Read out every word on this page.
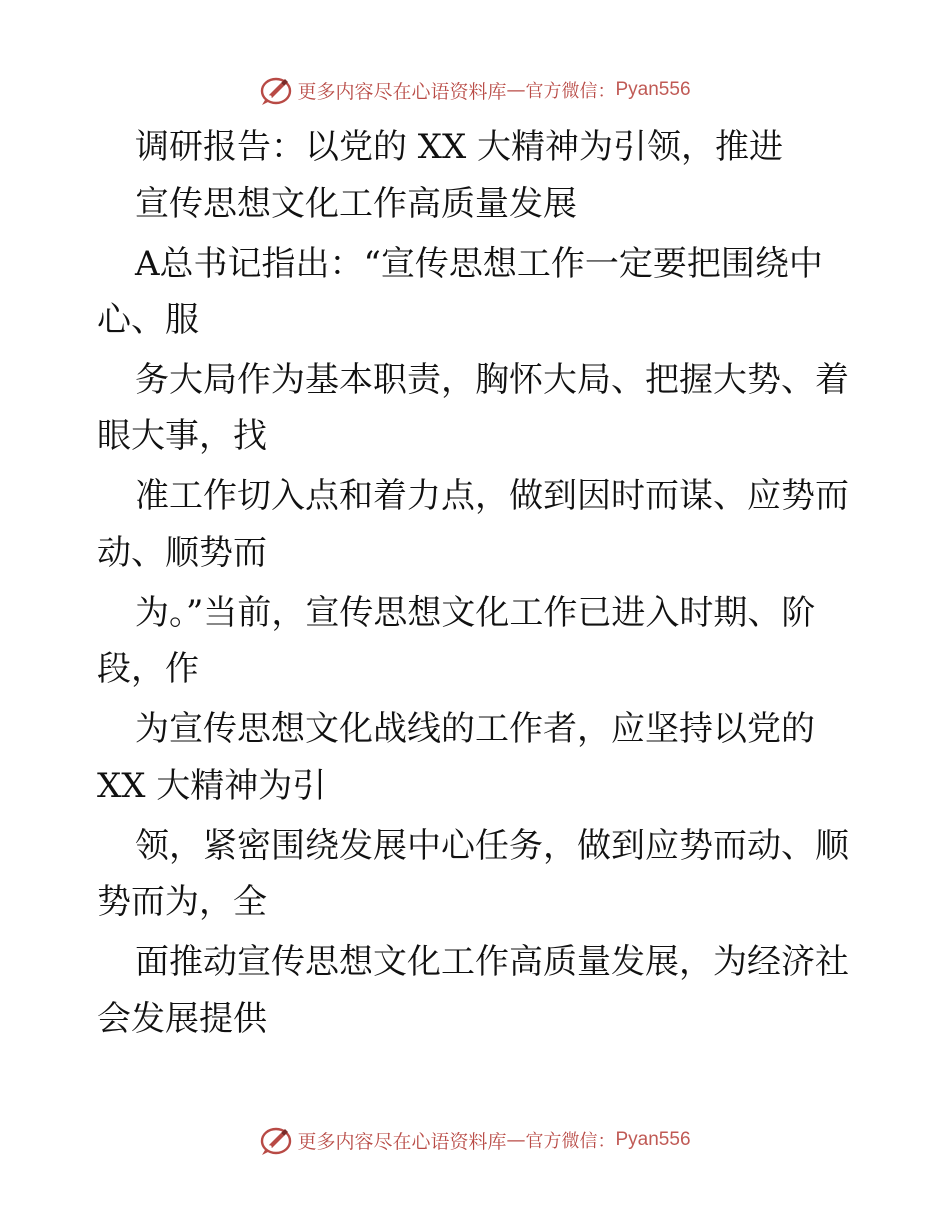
更多内容尽在心语资料库 — 官方微信： Pyan556
调研报告：以党的 XX 大精神为引领，推进
宣传思想文化工作高质量发展
A总书记指出：“宣传思想工作一定要把围绕中
心、服
务大局作为基本职责，胸怀大局、把握大势、着
眼大事，找
准工作切入点和着力点，做到因时而谋、应势而
动、顺势而
为。”当前，宣传思想文化工作已进入时期、阶
段，作
为宣传思想文化战线的工作者，应坚持以党的
XX 大精神为引
领，紧密围绕发展中心任务，做到应势而动、顺
势而为，全
面推动宣传思想文化工作高质量发展，为经济社
会发展提供
更多内容尽在心语资料库 — 官方微信： Pyan556
